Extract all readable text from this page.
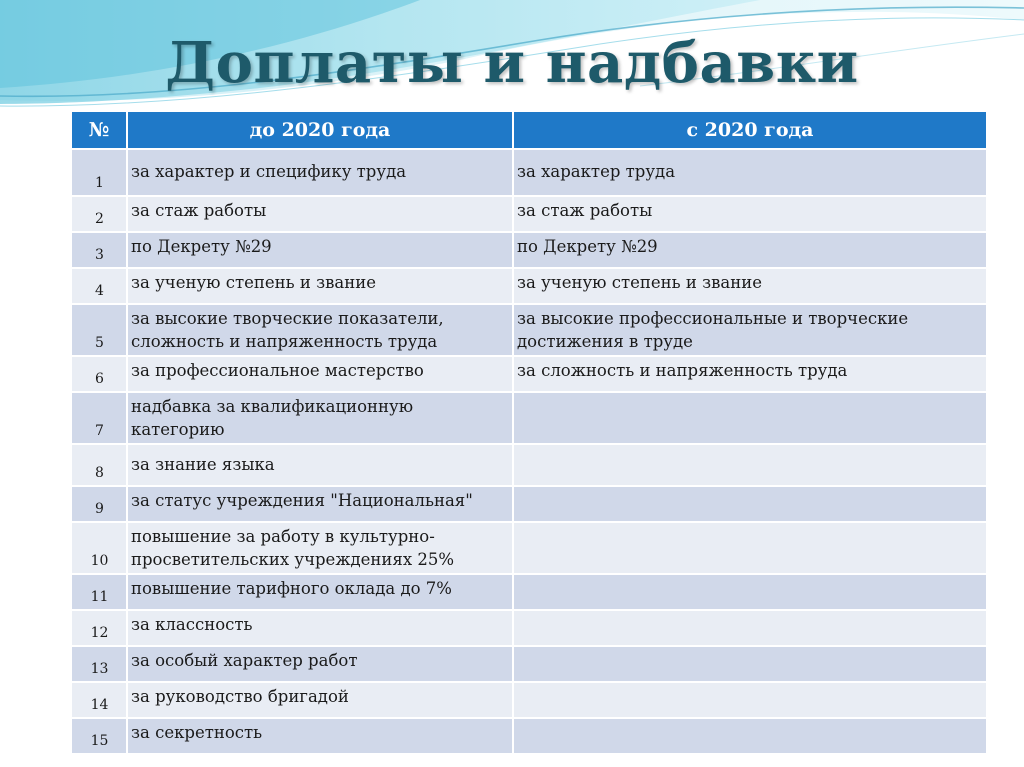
Доплаты и надбавки
№	до 2020 года	с 2020 года
1	за характер и специфику труда	за характер труда
2	за стаж работы	за стаж работы
3	по Декрету №29	по Декрету №29
4	за ученую степень и звание	за ученую степень и звание
5	за высокие творческие показатели, сложность и напряженность труда	за высокие профессиональные и творческие достижения в труде
6	за профессиональное мастерство	за сложность и напряженность труда
7	надбавка за квалификационную категорию	
8	за знание языка	
9	за статус учреждения "Национальная"	
10	повышение за работу в культурно-просветительских учреждениях 25%	
11	повышение тарифного оклада до 7%	
12	за классность	
13	за особый характер работ	
14	за руководство бригадой	
15	за секретность	
